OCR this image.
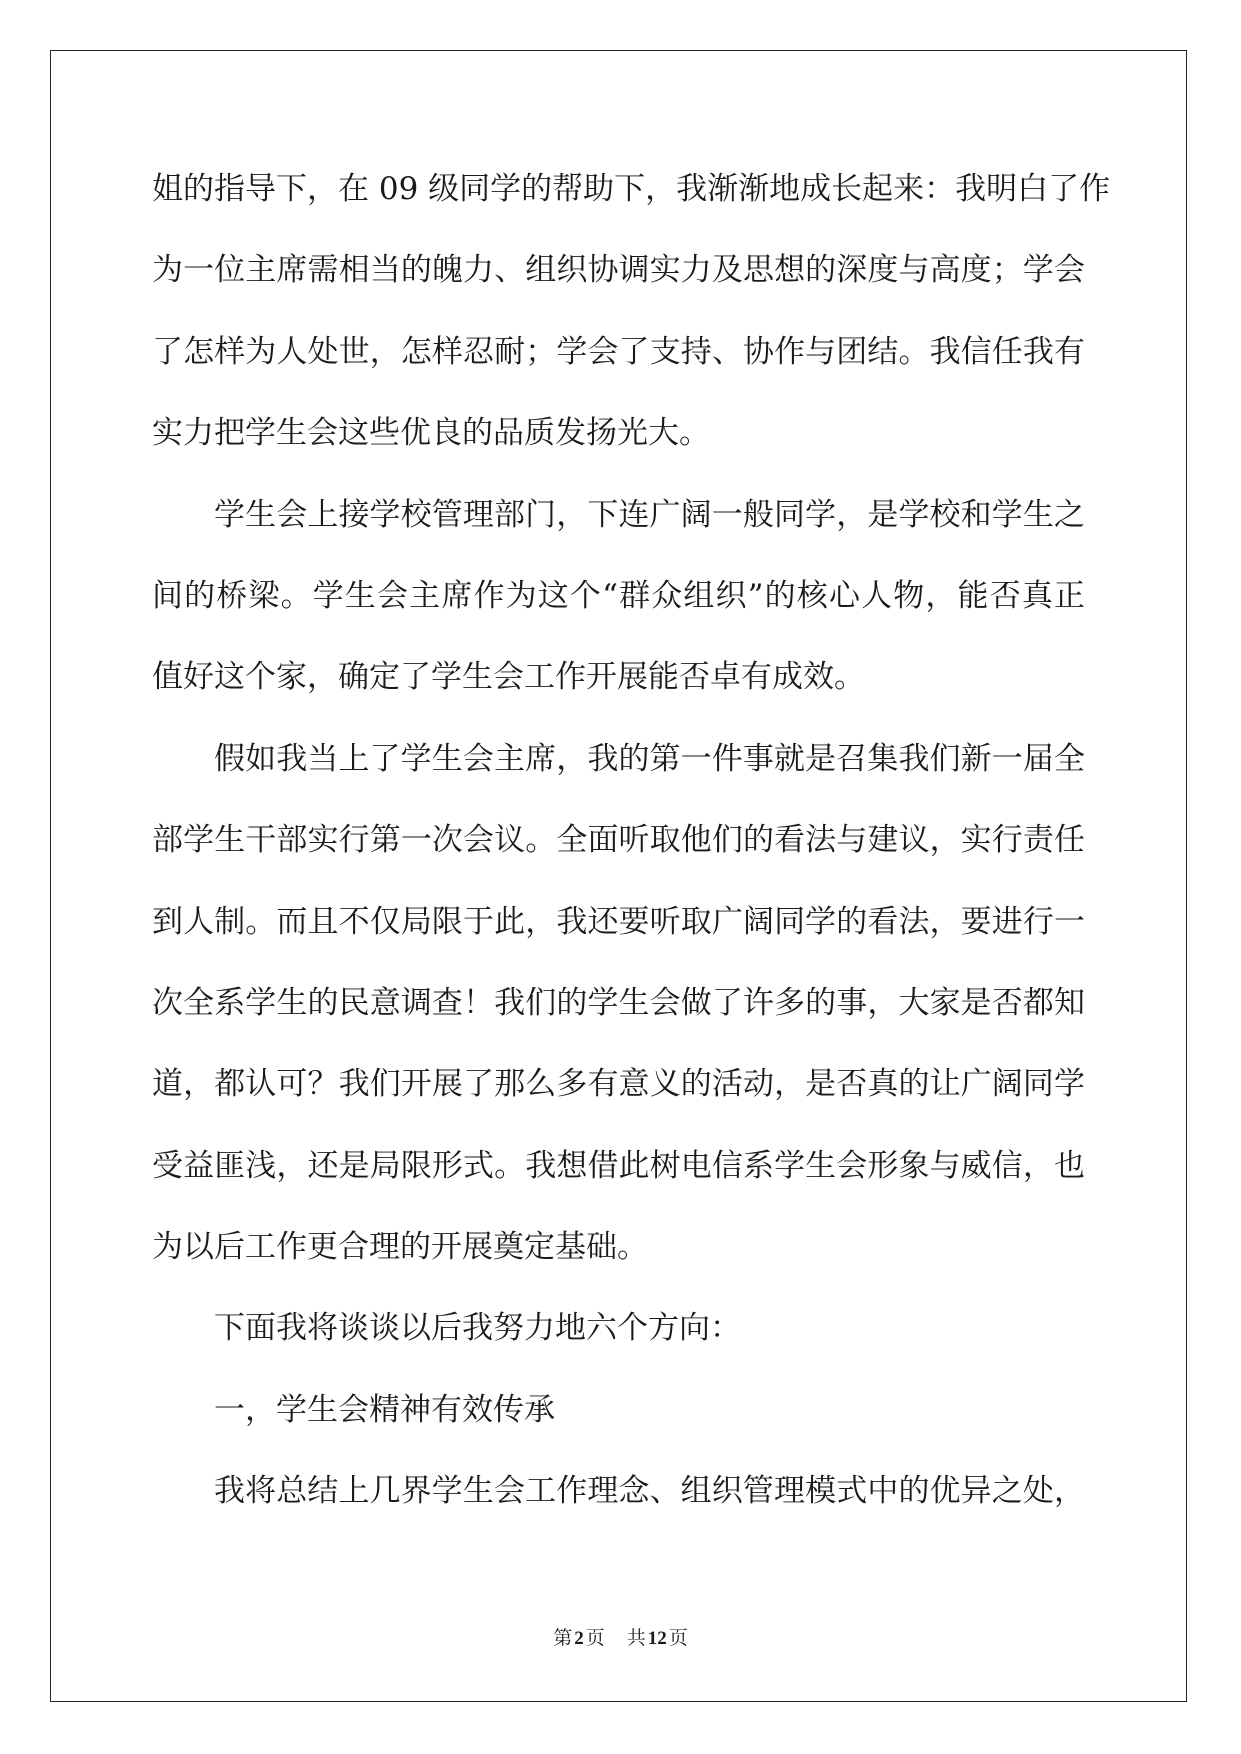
姐的指导下，在 09 级同学的帮助下，我渐渐地成长起来：我明白了作
为一位主席需相当的魄力、组织协调实力及思想的深度与高度；学会
了怎样为人处世，怎样忍耐；学会了支持、协作与团结。我信任我有
实力把学生会这些优良的品质发扬光大。
学生会上接学校管理部门，下连广阔一般同学，是学校和学生之
间的桥梁。学生会主席作为这个“群众组织”的核心人物，能否真正
值好这个家，确定了学生会工作开展能否卓有成效。
假如我当上了学生会主席，我的第一件事就是召集我们新一届全
部学生干部实行第一次会议。全面听取他们的看法与建议，实行责任
到人制。而且不仅局限于此，我还要听取广阔同学的看法，要进行一
次全系学生的民意调查！我们的学生会做了许多的事，大家是否都知
道，都认可？我们开展了那么多有意义的活动，是否真的让广阔同学
受益匪浅，还是局限形式。我想借此树电信系学生会形象与威信，也
为以后工作更合理的开展奠定基础。
下面我将谈谈以后我努力地六个方向：
一，学生会精神有效传承
我将总结上几界学生会工作理念、组织管理模式中的优异之处，
第 2 页 共 12 页
